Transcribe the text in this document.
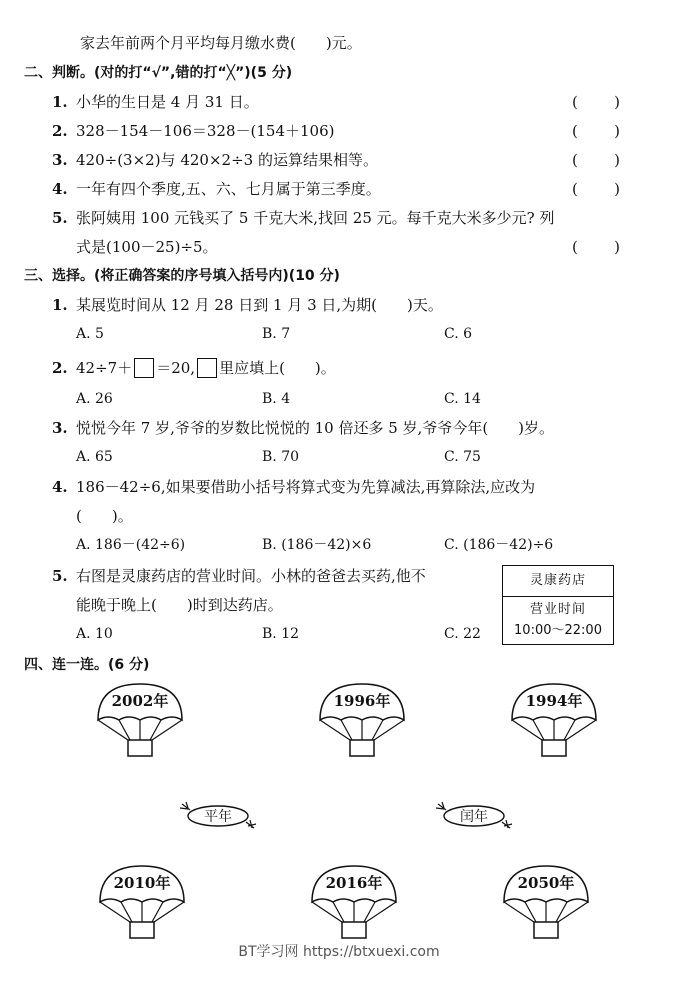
家去年前两个月平均每月缴水费(　　)元。
二、判断。(对的打“√”,错的打“╳”)(5 分)
1. 小华的生日是 4 月 31 日。	( )
2. 328－154－106＝328－(154＋106)	( )
3. 420÷(3×2)与 420×2÷3 的运算结果相等。	( )
4. 一年有四个季度,五、六、七月属于第三季度。	( )
5. 张阿姨用 100 元钱买了 5 千克大米,找回 25 元。每千克大米多少元? 列
式是(100－25)÷5。	( )
三、选择。(将正确答案的序号填入括号内)(10 分)
1. 某展览时间从 12 月 28 日到 1 月 3 日,为期(　　)天。
A. 5	B. 7	C. 6
2. 42÷7＋ ＝20, 里应填上(　　)。
A. 26	B. 4	C. 14
3. 悦悦今年 7 岁,爷爷的岁数比悦悦的 10 倍还多 5 岁,爷爷今年(　　)岁。
A. 65	B. 70	C. 75
4. 186－42÷6,如果要借助小括号将算式变为先算减法,再算除法,应改为
(　　)。
A. 186－(42÷6)	B. (186－42)×6	C. (186－42)÷6
5. 右图是灵康药店的营业时间。小林的爸爸去买药,他不
能晚于晚上(　　)时到达药店。
A. 10	B. 12	C. 22
灵康药店
营业时间
10:00～22:00
四、连一连。(6 分)
2002年	1996年	1994年
平年	闰年
2010年	2016年	2050年
BT学习网 https://btxuexi.com
